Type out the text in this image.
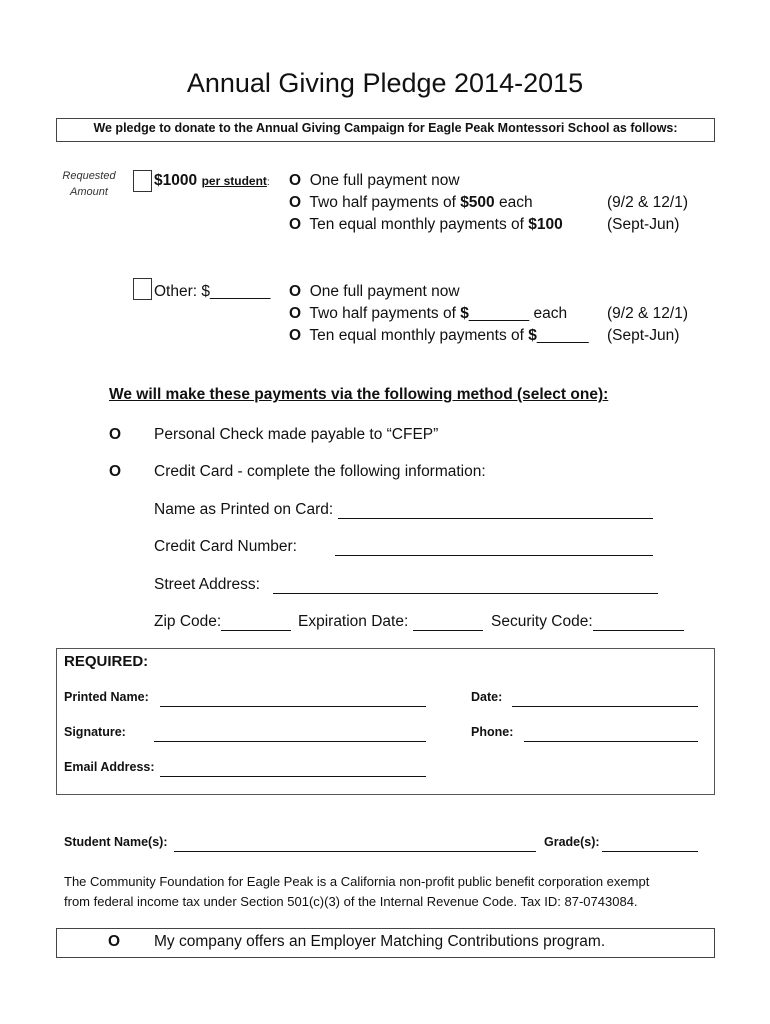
Annual Giving Pledge 2014-2015
We pledge to donate to the Annual Giving Campaign for Eagle Peak Montessori School as follows:
Requested
Amount
$1000 per student: O One full payment now
O Two half payments of $500 each	(9/2 & 12/1)
O Ten equal monthly payments of $100	(Sept-Jun)
Other: $_______ O One full payment now
O Two half payments of $_______ each	(9/2 & 12/1)
O Ten equal monthly payments of $______ (Sept-Jun)
We will make these payments via the following method (select one):
O Personal Check made payable to “CFEP”
O Credit Card - complete the following information:
Name as Printed on Card:
Credit Card Number:
Street Address:
Zip Code:	Expiration Date:	Security Code:
REQUIRED:
Printed Name:	Date:
Signature:	Phone:
Email Address:
Student Name(s):	Grade(s):
The Community Foundation for Eagle Peak is a California non-profit public benefit corporation exempt
from federal income tax under Section 501(c)(3) of the Internal Revenue Code. Tax ID: 87-0743084.
O My company offers an Employer Matching Contributions program.
